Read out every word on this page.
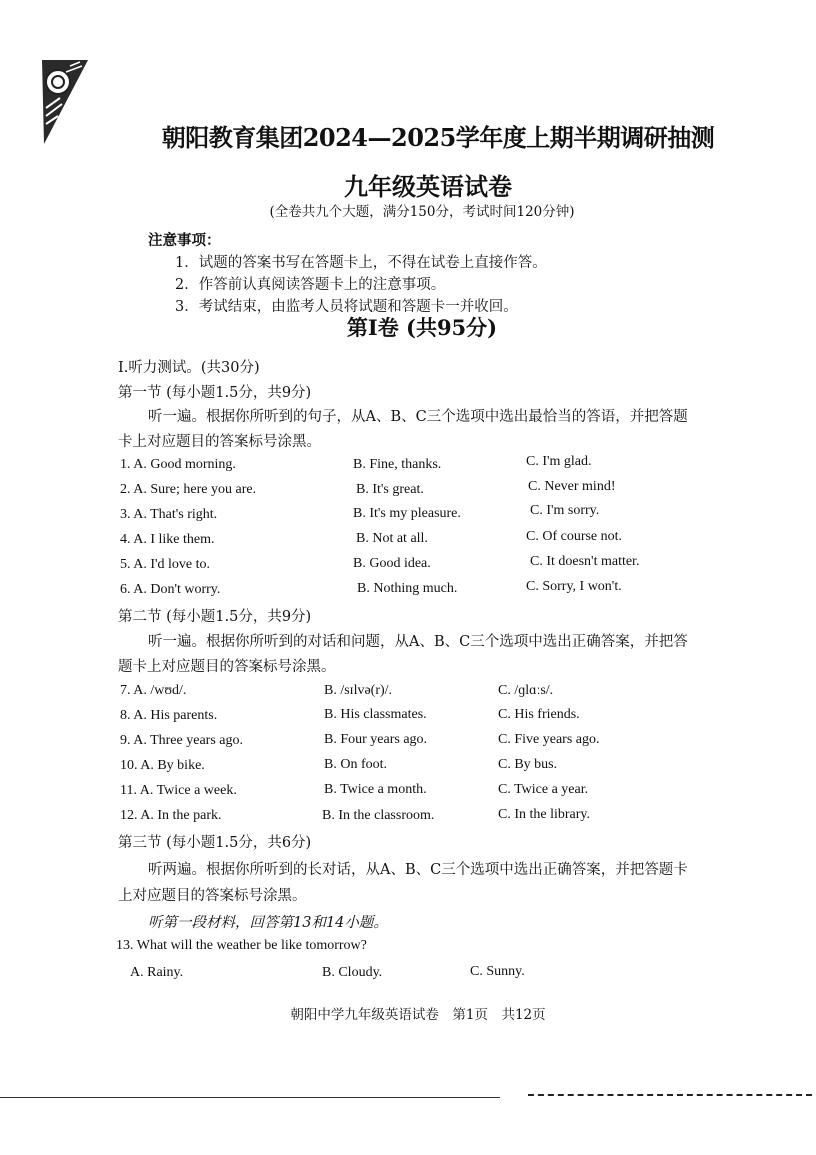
朝阳教育集团2024—2025学年度上期半期调研抽测
九年级英语试卷
(全卷共九个大题，满分150分，考试时间120分钟)
注意事项：
1．试题的答案书写在答题卡上，不得在试卷上直接作答。
2．作答前认真阅读答题卡上的注意事项。
3．考试结束，由监考人员将试题和答题卡一并收回。
第Ⅰ卷 (共95分)
Ⅰ.听力测试。(共30分)
第一节 (每小题1.5分，共9分)
听一遍。根据你所听到的句子，从A、B、C三个选项中选出最恰当的答语，并把答题
卡上对应题目的答案标号涂黑。
1. A. Good morning.	B. Fine, thanks.	C. I'm glad.
2. A. Sure; here you are.	B. It's great.	C. Never mind!
3. A. That's right.	B. It's my pleasure.	C. I'm sorry.
4. A. I like them.	B. Not at all.	C. Of course not.
5. A. I'd love to.	B. Good idea.	C. It doesn't matter.
6. A. Don't worry.	B. Nothing much.	C. Sorry, I won't.
第二节 (每小题1.5分，共9分)
听一遍。根据你所听到的对话和问题，从A、B、C三个选项中选出正确答案，并把答
题卡上对应题目的答案标号涂黑。
7. A. /wʊd/.	B. /sɪlvə(r)/.	C. /ɡlɑːs/.
8. A. His parents.	B. His classmates.	C. His friends.
9. A. Three years ago.	B. Four years ago.	C. Five years ago.
10. A. By bike.	B. On foot.	C. By bus.
11. A. Twice a week.	B. Twice a month.	C. Twice a year.
12. A. In the park.	B. In the classroom.	C. In the library.
第三节 (每小题1.5分，共6分)
听两遍。根据你所听到的长对话，从A、B、C三个选项中选出正确答案，并把答题卡
上对应题目的答案标号涂黑。
听第一段材料，回答第13和14小题。
13. What will the weather be like tomorrow?
A. Rainy.	B. Cloudy.	C. Sunny.
朝阳中学九年级英语试卷　第1页　共12页
